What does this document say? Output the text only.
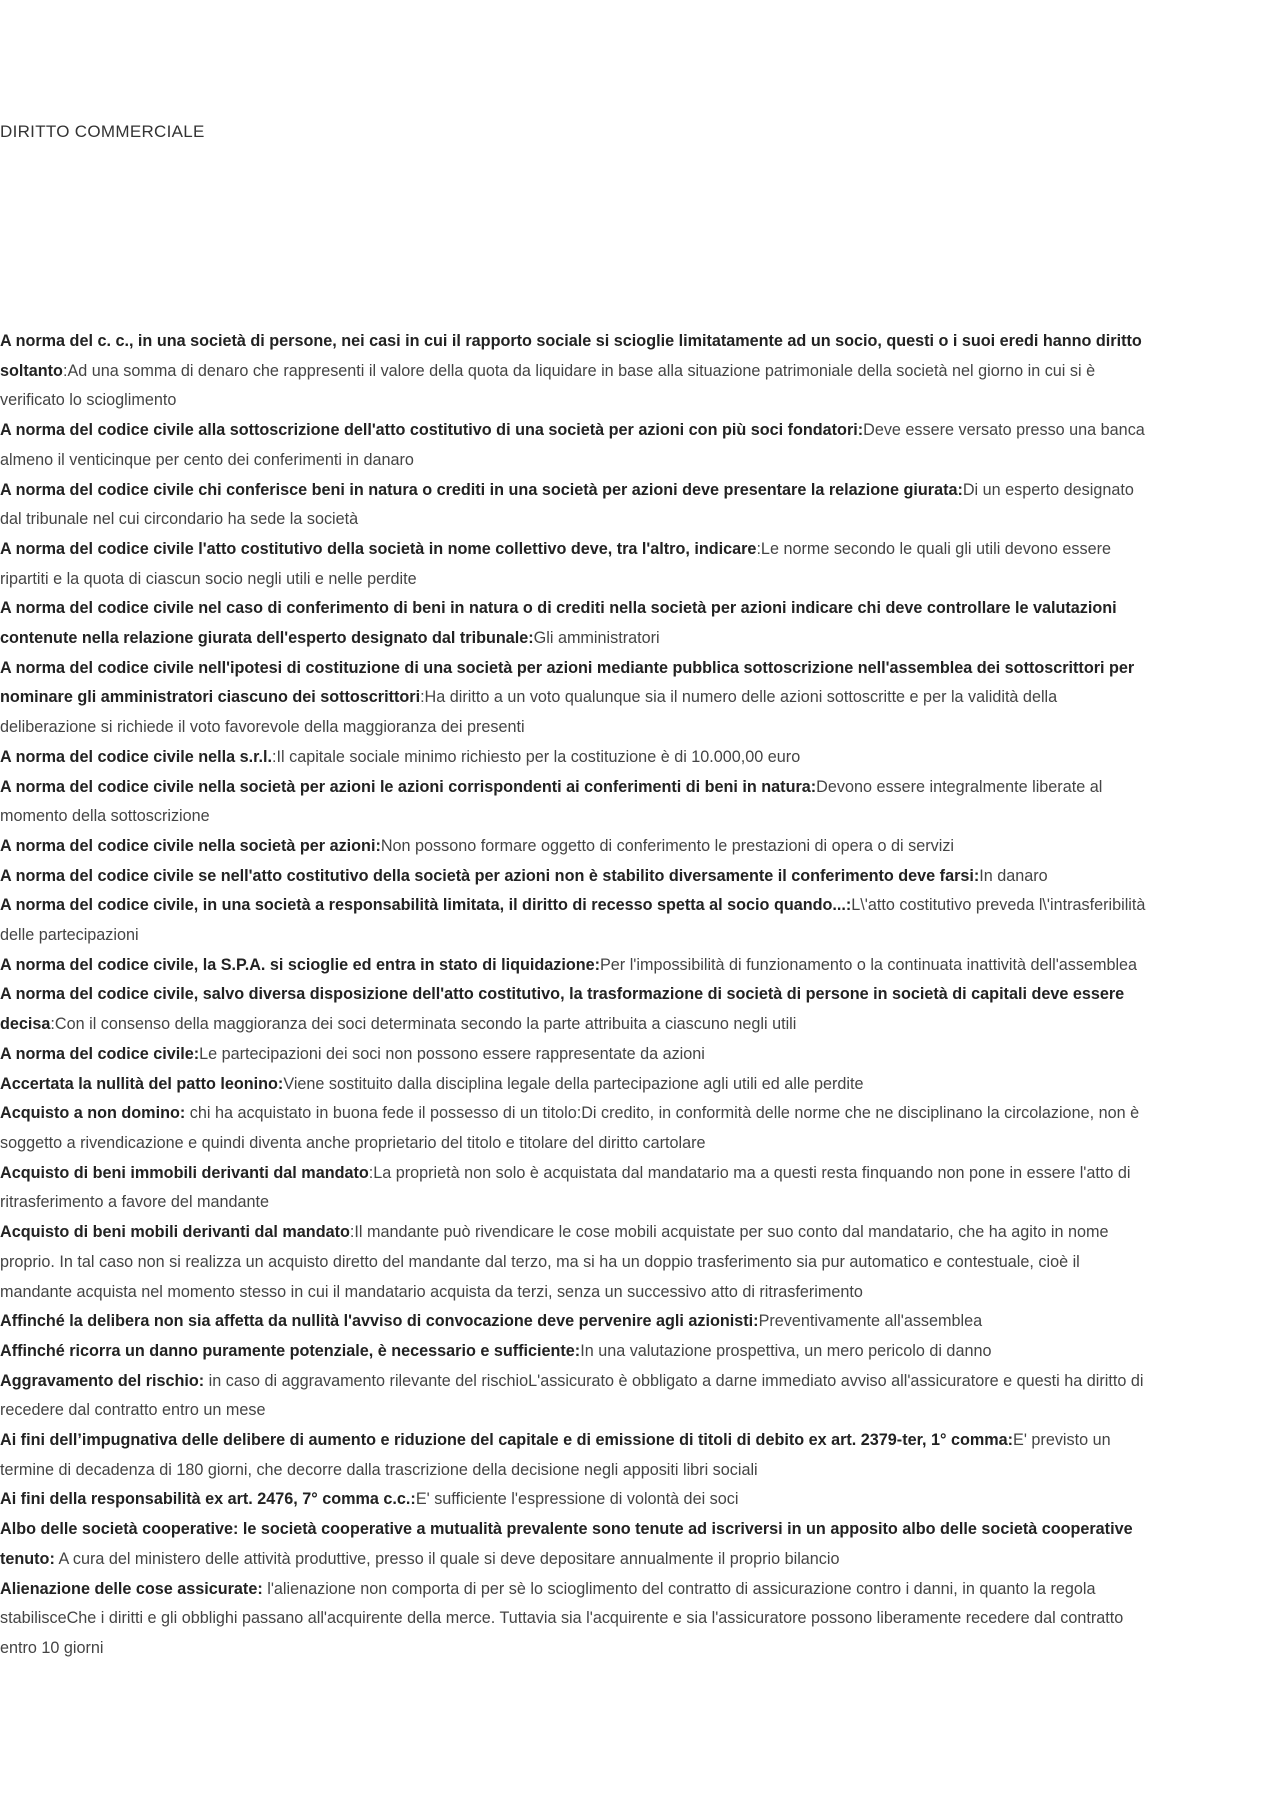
DIRITTO COMMERCIALE

A norma del c. c., in una società di persone, nei casi in cui il rapporto sociale si scioglie limitatamente ad un socio, questi o i suoi eredi hanno diritto soltanto:Ad una somma di denaro che rappresenti il valore della quota da liquidare in base alla situazione patrimoniale della società nel giorno in cui si è verificato lo scioglimento

A norma del codice civile alla sottoscrizione dell'atto costitutivo di una società per azioni con più soci fondatori:Deve essere versato presso una banca almeno il venticinque per cento dei conferimenti in danaro

A norma del codice civile chi conferisce beni in natura o crediti in una società per azioni deve presentare la relazione giurata:Di un esperto designato dal tribunale nel cui circondario ha sede la società

A norma del codice civile l'atto costitutivo della società in nome collettivo deve, tra l'altro, indicare:Le norme secondo le quali gli utili devono essere ripartiti e la quota di ciascun socio negli utili e nelle perdite

A norma del codice civile nel caso di conferimento di beni in natura o di crediti nella società per azioni indicare chi deve controllare le valutazioni contenute nella relazione giurata dell'esperto designato dal tribunale:Gli amministratori

A norma del codice civile nell'ipotesi di costituzione di una società per azioni mediante pubblica sottoscrizione nell'assemblea dei sottoscrittori per nominare gli amministratori ciascuno dei sottoscrittori:Ha diritto a un voto qualunque sia il numero delle azioni sottoscritte e per la validità della deliberazione si richiede il voto favorevole della maggioranza dei presenti

A norma del codice civile nella s.r.l.:Il capitale sociale minimo richiesto per la costituzione è di 10.000,00 euro

A norma del codice civile nella società per azioni le azioni corrispondenti ai conferimenti di beni in natura:Devono essere integralmente liberate al momento della sottoscrizione

A norma del codice civile nella società per azioni:Non possono formare oggetto di conferimento le prestazioni di opera o di servizi

A norma del codice civile se nell'atto costitutivo della società per azioni non è stabilito diversamente il conferimento deve farsi:In danaro

A norma del codice civile, in una società a responsabilità limitata, il diritto di recesso spetta al socio quando...:L\'atto costitutivo preveda l\'intrasferibilità delle partecipazioni

A norma del codice civile, la S.P.A. si scioglie ed entra in stato di liquidazione:Per l'impossibilità di funzionamento o la continuata inattività dell'assemblea

A norma del codice civile, salvo diversa disposizione dell'atto costitutivo, la trasformazione di società di persone in società di capitali deve essere decisa:Con il consenso della maggioranza dei soci determinata secondo la parte attribuita a ciascuno negli utili

A norma del codice civile:Le partecipazioni dei soci non possono essere rappresentate da azioni

Accertata la nullità del patto leonino:Viene sostituito dalla disciplina legale della partecipazione agli utili ed alle perdite

Acquisto a non domino: chi ha acquistato in buona fede il possesso di un titolo:Di credito, in conformità delle norme che ne disciplinano la circolazione, non è soggetto a rivendicazione e quindi diventa anche proprietario del titolo e titolare del diritto cartolare

Acquisto di beni immobili derivanti dal mandato:La proprietà non solo è acquistata dal mandatario ma a questi resta finquando non pone in essere l'atto di ritrasferimento a favore del mandante

Acquisto di beni mobili derivanti dal mandato:Il mandante può rivendicare le cose mobili acquistate per suo conto dal mandatario, che ha agito in nome proprio. In tal caso non si realizza un acquisto diretto del mandante dal terzo, ma si ha un doppio trasferimento sia pur automatico e contestuale, cioè il mandante acquista nel momento stesso in cui il mandatario acquista da terzi, senza un successivo atto di ritrasferimento

Affinché la delibera non sia affetta da nullità l'avviso di convocazione deve pervenire agli azionisti:Preventivamente all'assemblea

Affinché ricorra un danno puramente potenziale, è necessario e sufficiente:In una valutazione prospettiva, un mero pericolo di danno

Aggravamento del rischio: in caso di aggravamento rilevante del rischioL'assicurato è obbligato a darne immediato avviso all'assicuratore e questi ha diritto di recedere dal contratto entro un mese

Ai fini dell’impugnativa delle delibere di aumento e riduzione del capitale e di emissione di titoli di debito ex art. 2379-ter, 1° comma:E' previsto un termine di decadenza di 180 giorni, che decorre dalla trascrizione della decisione negli appositi libri sociali

Ai fini della responsabilità ex art. 2476, 7° comma c.c.:E' sufficiente l'espressione di volontà dei soci

Albo delle società cooperative: le società cooperative a mutualità prevalente sono tenute ad iscriversi in un apposito albo delle società cooperative tenuto: A cura del ministero delle attività produttive, presso il quale si deve depositare annualmente il proprio bilancio

Alienazione delle cose assicurate: l'alienazione non comporta di per sè lo scioglimento del contratto di assicurazione contro i danni, in quanto la regola stabilisceChe i diritti e gli obblighi passano all'acquirente della merce. Tuttavia sia l'acquirente e sia l'assicuratore possono liberamente recedere dal contratto entro 10 giorni
